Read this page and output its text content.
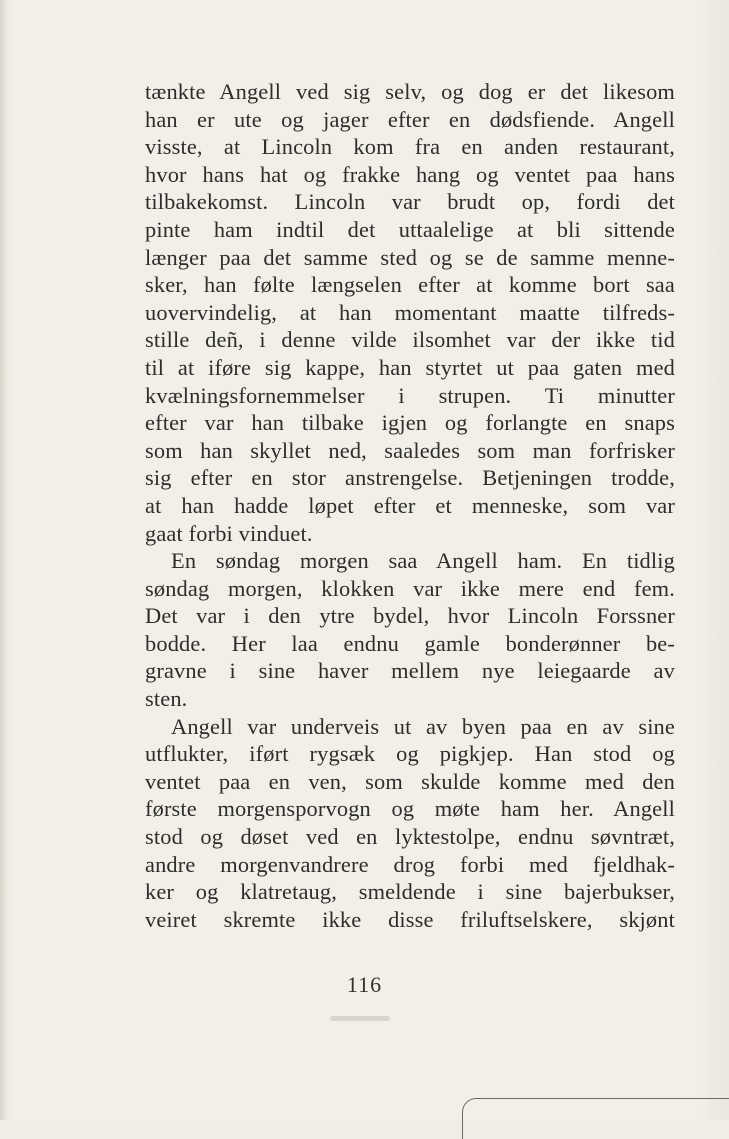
tænkte Angell ved sig selv, og dog er det likesom
han er ute og jager efter en dødsfiende. Angell
visste, at Lincoln kom fra en anden restaurant,
hvor hans hat og frakke hang og ventet paa hans
tilbakekomst. Lincoln var brudt op, fordi det
pinte ham indtil det uttaalelige at bli sittende
længer paa det samme sted og se de samme menne-
sker, han følte længselen efter at komme bort saa
uovervindelig, at han momentant maatte tilfreds-
stille deñ, i denne vilde ilsomhet var der ikke tid
til at iføre sig kappe, han styrtet ut paa gaten med
kvælningsfornemmelser i strupen. Ti minutter
efter var han tilbake igjen og forlangte en snaps
som han skyllet ned, saaledes som man forfrisker
sig efter en stor anstrengelse. Betjeningen trodde,
at han hadde løpet efter et menneske, som var
gaat forbi vinduet.
En søndag morgen saa Angell ham. En tidlig
søndag morgen, klokken var ikke mere end fem.
Det var i den ytre bydel, hvor Lincoln Forssner
bodde. Her laa endnu gamle bonderønner be-
gravne i sine haver mellem nye leiegaarde av
sten.
Angell var underveis ut av byen paa en av sine
utflukter, iført rygsæk og pigkjep. Han stod og
ventet paa en ven, som skulde komme med den
første morgensporvogn og møte ham her. Angell
stod og døset ved en lyktestolpe, endnu søvntræt,
andre morgenvandrere drog forbi med fjeldhak-
ker og klatretaug, smeldende i sine bajerbukser,
veiret skremte ikke disse friluftselskere, skjønt
116
